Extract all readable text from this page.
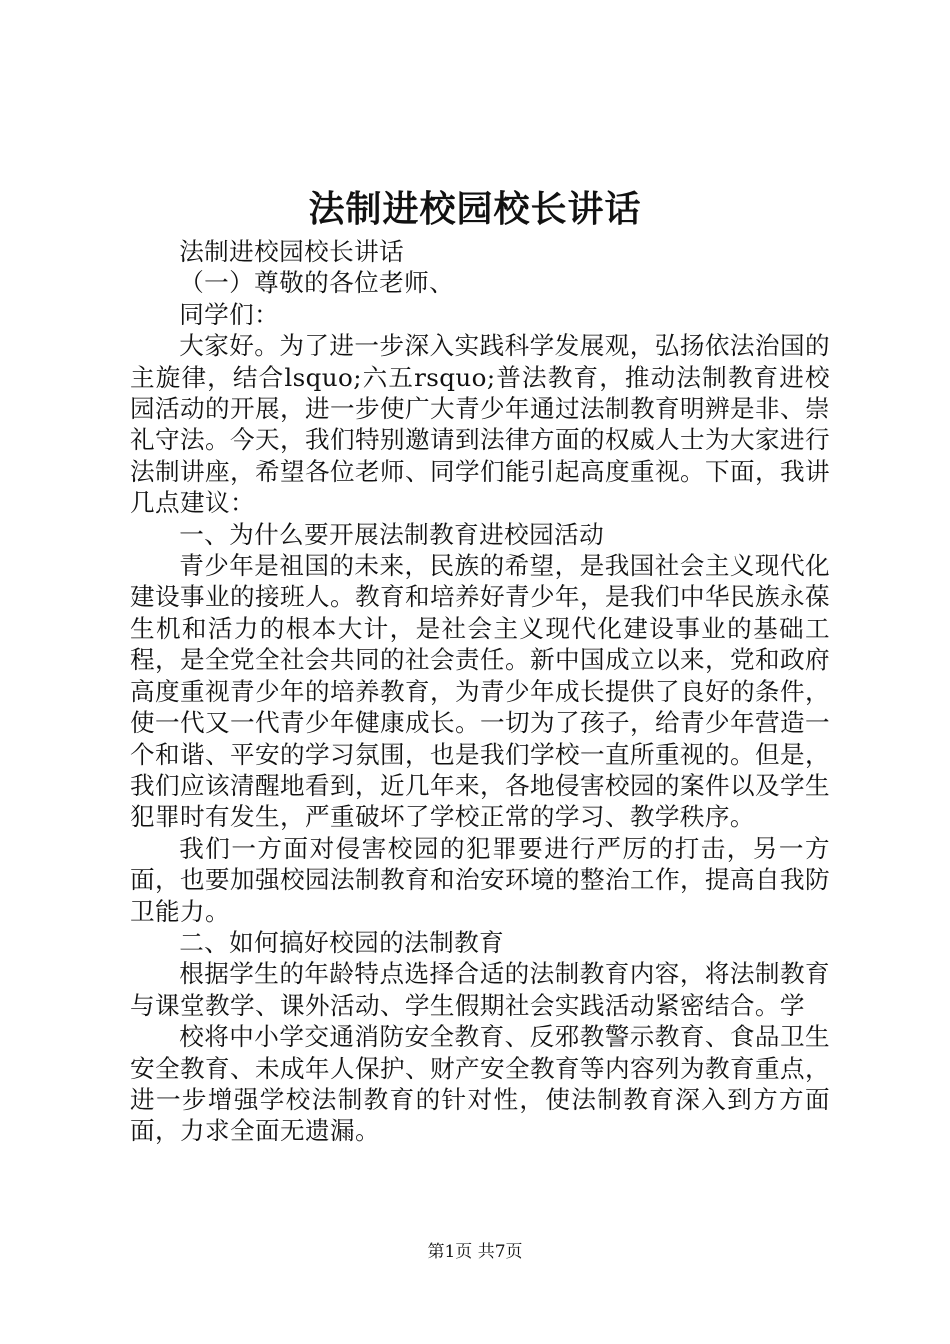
法制进校园校长讲话

法制进校园校长讲话

（一）尊敬的各位老师、

同学们：

大家好。为了进一步深入实践科学发展观，弘扬依法治国的主旋律，结合lsquo;六五rsquo;普法教育，推动法制教育进校园活动的开展，进一步使广大青少年通过法制教育明辨是非、崇礼守法。今天，我们特别邀请到法律方面的权威人士为大家进行法制讲座，希望各位老师、同学们能引起高度重视。下面，我讲几点建议：

一、为什么要开展法制教育进校园活动

青少年是祖国的未来，民族的希望，是我国社会主义现代化建设事业的接班人。教育和培养好青少年，是我们中华民族永葆生机和活力的根本大计，是社会主义现代化建设事业的基础工程，是全党全社会共同的社会责任。新中国成立以来，党和政府高度重视青少年的培养教育，为青少年成长提供了良好的条件，使一代又一代青少年健康成长。一切为了孩子，给青少年营造一个和谐、平安的学习氛围，也是我们学校一直所重视的。但是，我们应该清醒地看到，近几年来，各地侵害校园的案件以及学生犯罪时有发生，严重破坏了学校正常的学习、教学秩序。

我们一方面对侵害校园的犯罪要进行严厉的打击，另一方面，也要加强校园法制教育和治安环境的整治工作，提高自我防卫能力。

二、如何搞好校园的法制教育

根据学生的年龄特点选择合适的法制教育内容，将法制教育与课堂教学、课外活动、学生假期社会实践活动紧密结合。学

校将中小学交通消防安全教育、反邪教警示教育、食品卫生安全教育、未成年人保护、财产安全教育等内容列为教育重点，进一步增强学校法制教育的针对性，使法制教育深入到方方面面，力求全面无遗漏。

第1页 共7页
